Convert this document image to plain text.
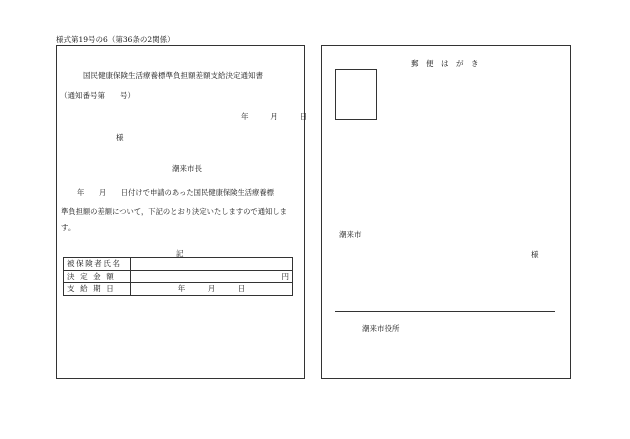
様式第19号の6（第36条の2関係）
国民健康保険生活療養標準負担額差額支給決定通知書
（通知番号第　　号）
年	月	日
様
潮来市長
年　　月　　日付けで申請のあった国民健康保険生活療養標
準負担額の差額について，下記のとおり決定いたしますので通知しま
す。
記
被保険者氏名	
決 定 金 額	円
支 給 期 日	年　　　月　　　日
郵　便　は　が　き
潮来市
様
潮来市役所
